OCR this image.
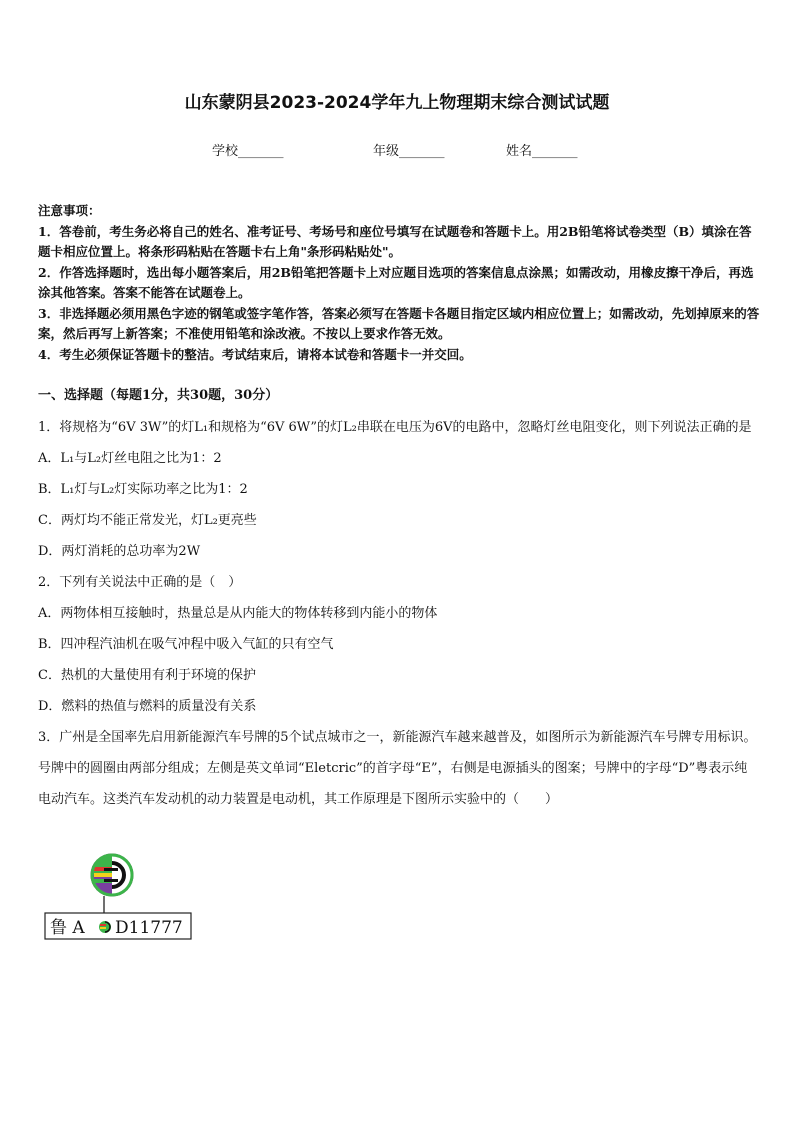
山东蒙阴县2023-2024学年九上物理期末综合测试试题
学校_______	年级_______	姓名_______

注意事项：

1．答卷前，考生务必将自己的姓名、准考证号、考场号和座位号填写在试题卷和答题卡上。用2B铅笔将试卷类型（B）填涂在答题卡相应位置上。将条形码粘贴在答题卡右上角"条形码粘贴处"。

2．作答选择题时，选出每小题答案后，用2B铅笔把答题卡上对应题目选项的答案信息点涂黑；如需改动，用橡皮擦干净后，再选涂其他答案。答案不能答在试题卷上。

3．非选择题必须用黑色字迹的钢笔或签字笔作答，答案必须写在答题卡各题目指定区域内相应位置上；如需改动，先划掉原来的答案，然后再写上新答案；不准使用铅笔和涂改液。不按以上要求作答无效。

4．考生必须保证答题卡的整洁。考试结束后，请将本试卷和答题卡一并交回。

一、选择题（每题1分，共30题，30分）

1．将规格为“6V 3W”的灯L₁和规格为“6V 6W”的灯L₂串联在电压为6V的电路中，忽略灯丝电阻变化，则下列说法正确的是

A．L₁与L₂灯丝电阻之比为1：2

B．L₁灯与L₂灯实际功率之比为1：2

C．两灯均不能正常发光，灯L₂更亮些

D．两灯消耗的总功率为2W

2．下列有关说法中正确的是（　）

A．两物体相互接触时，热量总是从内能大的物体转移到内能小的物体

B．四冲程汽油机在吸气冲程中吸入气缸的只有空气

C．热机的大量使用有利于环境的保护

D．燃料的热值与燃料的质量没有关系

3．广州是全国率先启用新能源汽车号牌的5个试点城市之一，新能源汽车越来越普及，如图所示为新能源汽车号牌专用标识。号牌中的圆圈由两部分组成；左侧是英文单词“Eletcric”的首字母“E”，右侧是电源插头的图案；号牌中的字母“D”粤表示纯电动汽车。这类汽车发动机的动力装置是电动机，其工作原理是下图所示实验中的（　　）

鲁 A D11777
